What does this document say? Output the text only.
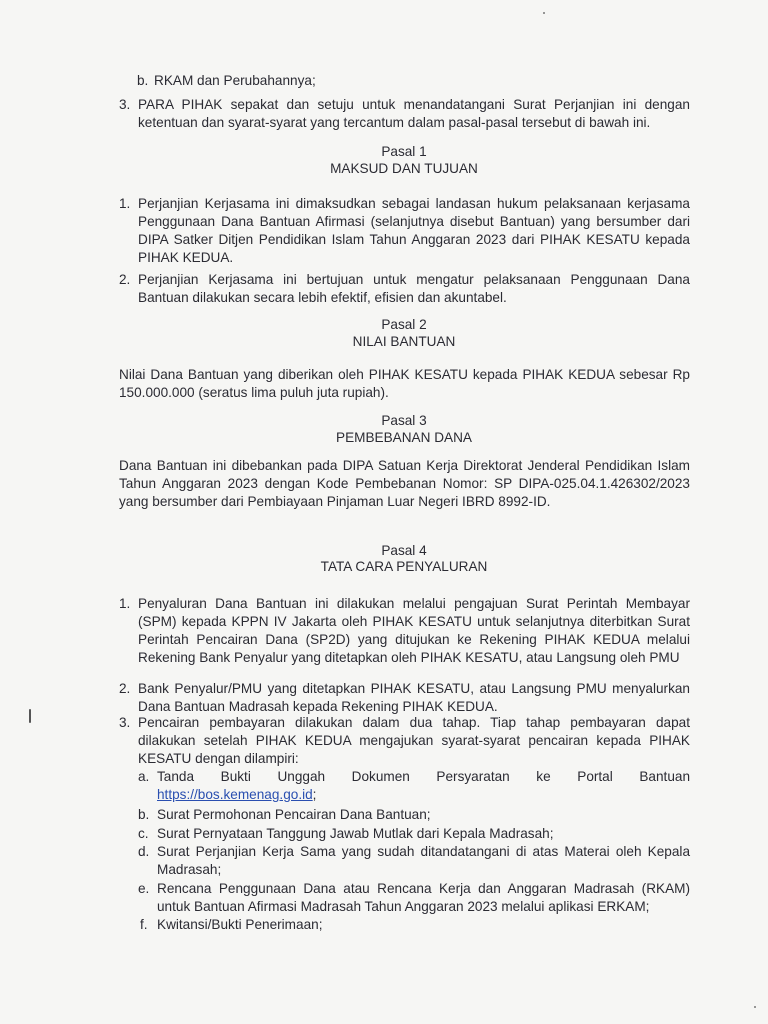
b. RKAM dan Perubahannya;
3. PARA PIHAK sepakat dan setuju untuk menandatangani Surat Perjanjian ini dengan ketentuan dan syarat-syarat yang tercantum dalam pasal-pasal tersebut di bawah ini.
Pasal 1
MAKSUD DAN TUJUAN
1. Perjanjian Kerjasama ini dimaksudkan sebagai landasan hukum pelaksanaan kerjasama Penggunaan Dana Bantuan Afirmasi (selanjutnya disebut Bantuan) yang bersumber dari DIPA Satker Ditjen Pendidikan Islam Tahun Anggaran 2023 dari PIHAK KESATU kepada PIHAK KEDUA.
2. Perjanjian Kerjasama ini bertujuan untuk mengatur pelaksanaan Penggunaan Dana Bantuan dilakukan secara lebih efektif, efisien dan akuntabel.
Pasal 2
NILAI BANTUAN
Nilai Dana Bantuan yang diberikan oleh PIHAK KESATU kepada PIHAK KEDUA sebesar Rp 150.000.000 (seratus lima puluh juta rupiah).
Pasal 3
PEMBEBANAN DANA
Dana Bantuan ini dibebankan pada DIPA Satuan Kerja Direktorat Jenderal Pendidikan Islam Tahun Anggaran 2023 dengan Kode Pembebanan Nomor: SP DIPA-025.04.1.426302/2023 yang bersumber dari Pembiayaan Pinjaman Luar Negeri IBRD 8992-ID.
Pasal 4
TATA CARA PENYALURAN
1. Penyaluran Dana Bantuan ini dilakukan melalui pengajuan Surat Perintah Membayar (SPM) kepada KPPN IV Jakarta oleh PIHAK KESATU untuk selanjutnya diterbitkan Surat Perintah Pencairan Dana (SP2D) yang ditujukan ke Rekening PIHAK KEDUA melalui Rekening Bank Penyalur yang ditetapkan oleh PIHAK KESATU, atau Langsung oleh PMU
2. Bank Penyalur/PMU yang ditetapkan PIHAK KESATU, atau Langsung PMU menyalurkan Dana Bantuan Madrasah kepada Rekening PIHAK KEDUA.
3. Pencairan pembayaran dilakukan dalam dua tahap. Tiap tahap pembayaran dapat dilakukan setelah PIHAK KEDUA mengajukan syarat-syarat pencairan kepada PIHAK KESATU dengan dilampiri:
a. Tanda Bukti Unggah Dokumen Persyaratan ke Portal Bantuan
https://bos.kemenag.go.id;
b. Surat Permohonan Pencairan Dana Bantuan;
c. Surat Pernyataan Tanggung Jawab Mutlak dari Kepala Madrasah;
d. Surat Perjanjian Kerja Sama yang sudah ditandatangani di atas Materai oleh Kepala Madrasah;
e. Rencana Penggunaan Dana atau Rencana Kerja dan Anggaran Madrasah (RKAM) untuk Bantuan Afirmasi Madrasah Tahun Anggaran 2023 melalui aplikasi ERKAM;
f. Kwitansi/Bukti Penerimaan;
